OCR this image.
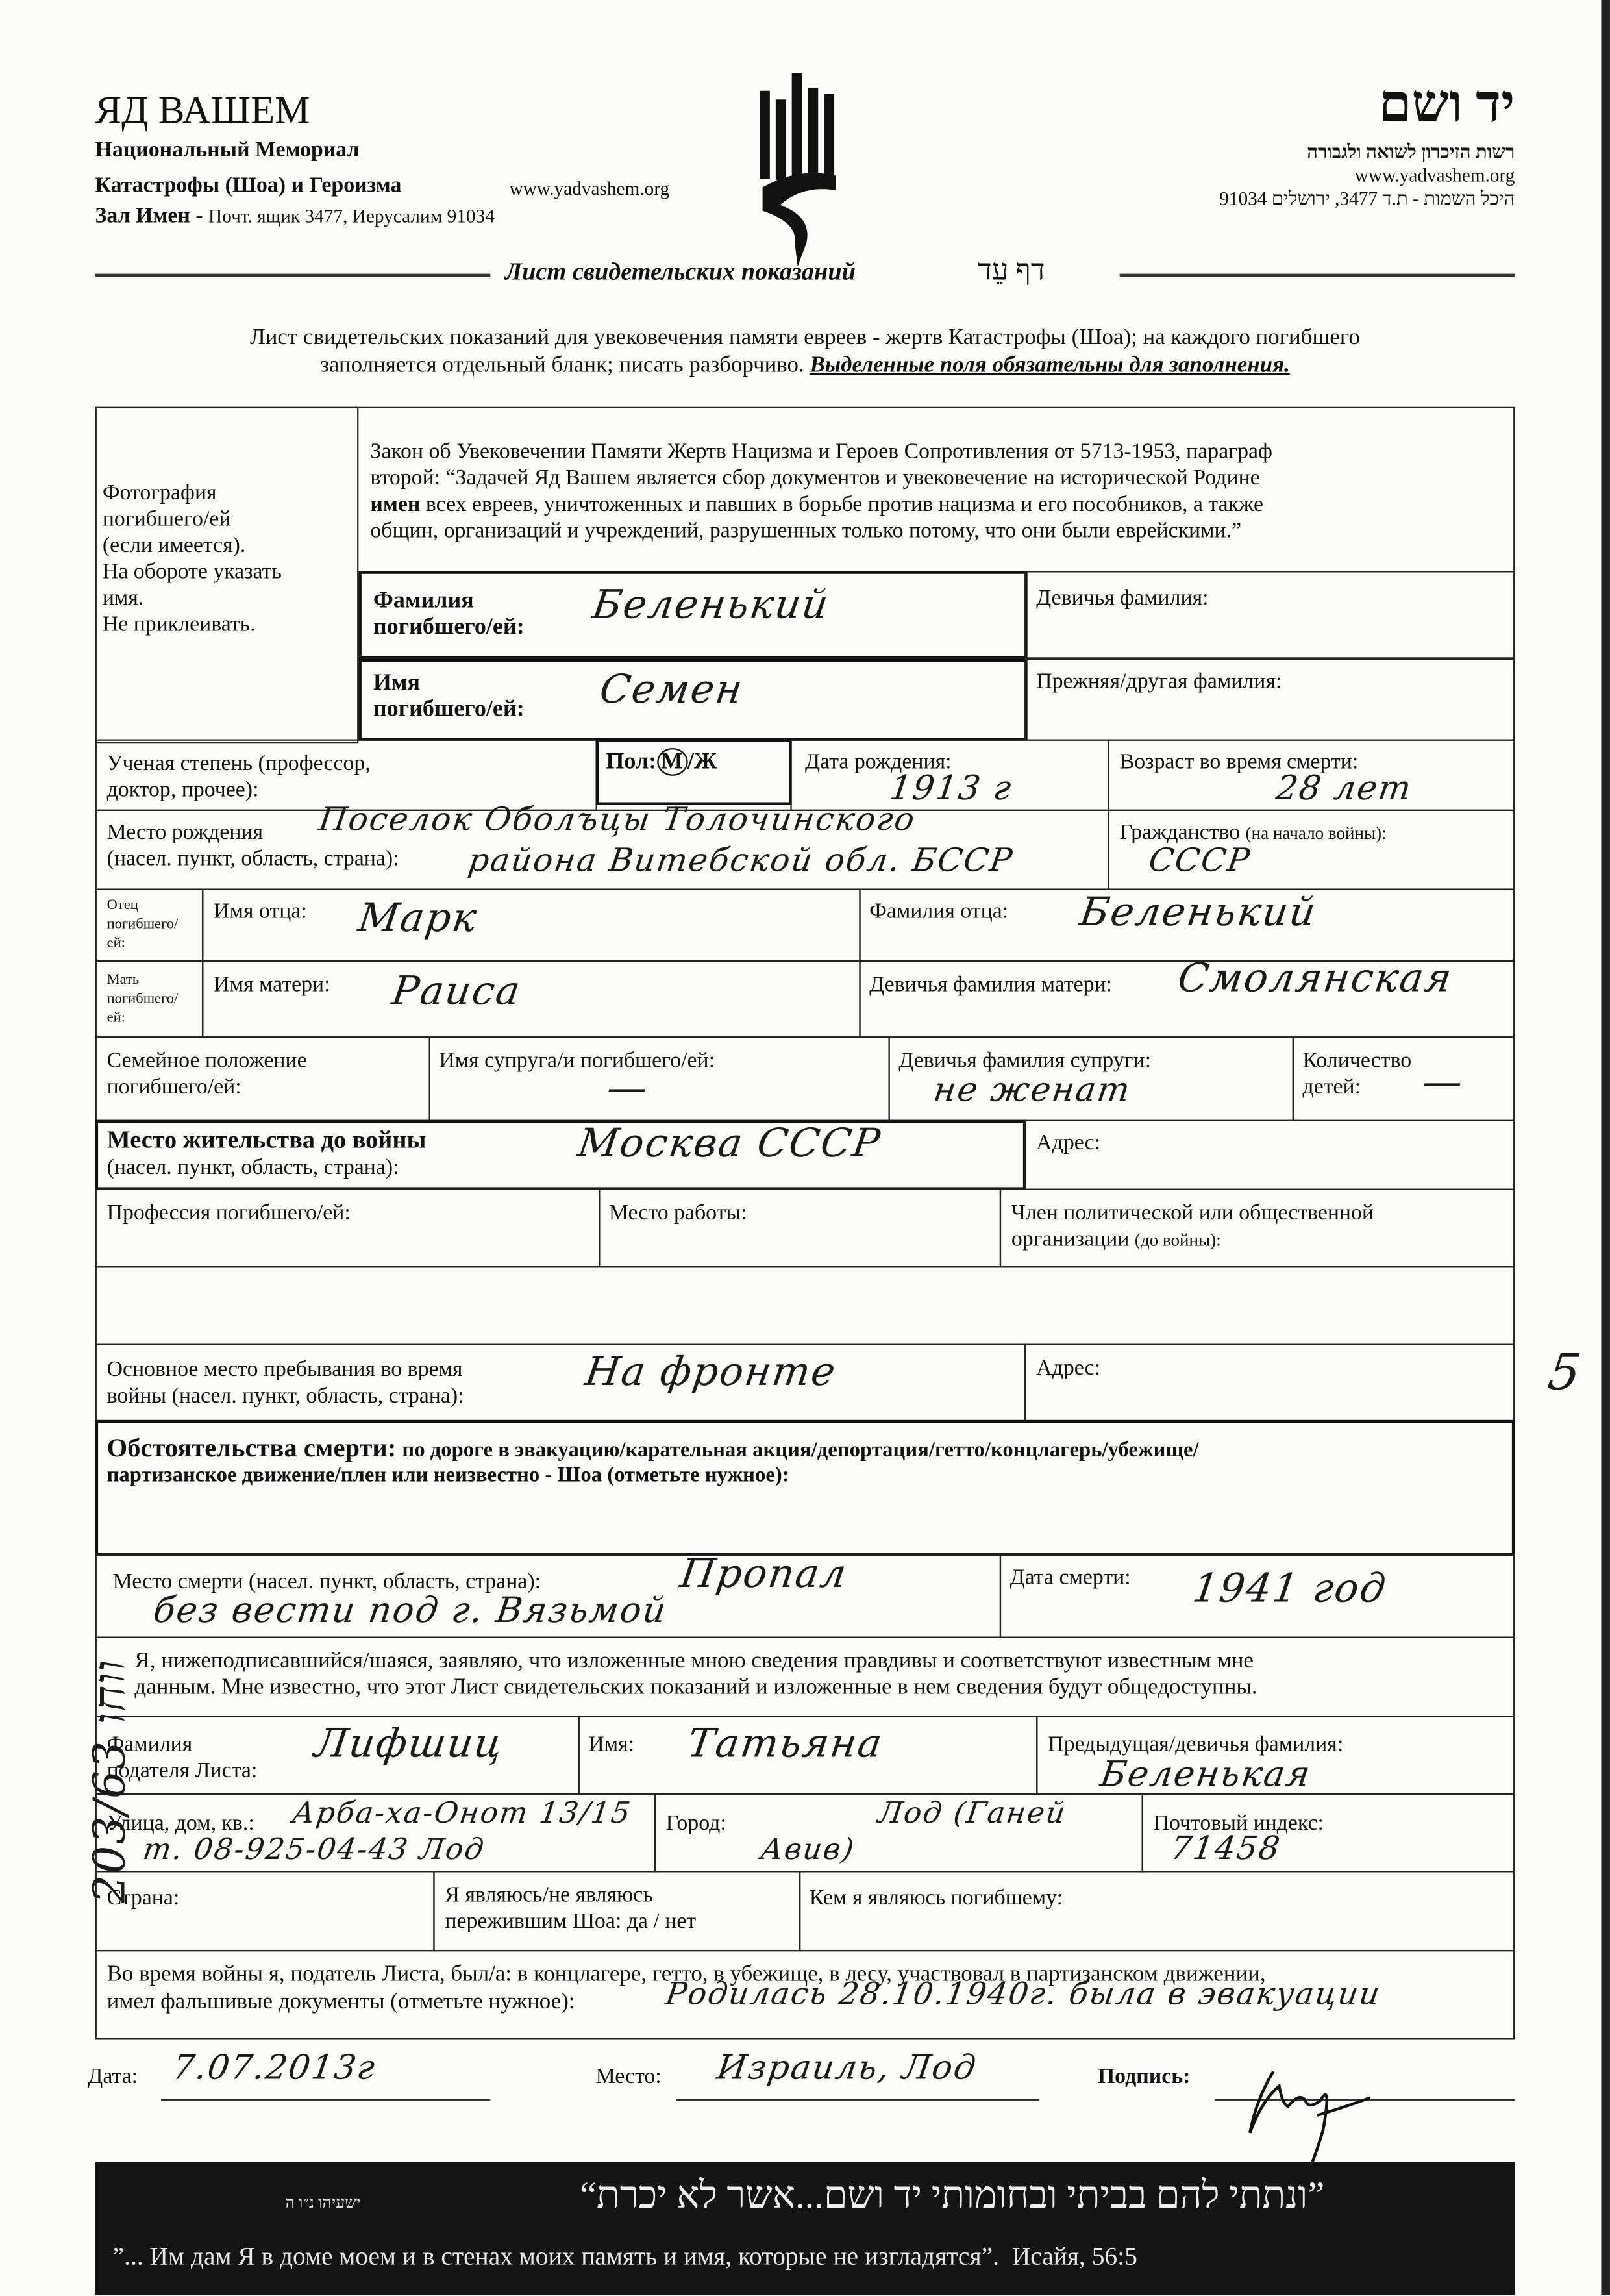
ЯД ВАШЕМ
Национальный Мемориал
Катастрофы (Шоа) и Героизма	www.yadvashem.org
Зал Имен - Почт. ящик 3477, Иерусалим 91034
יד ושם
רשות הזיכרון לשואה ולגבורה
www.yadvashem.org
היכל השמות - ת.ד 3477, ירושלים 91034
Лист свидетельских показаний	דף עֵד
Лист свидетельских показаний для увековечения памяти евреев - жертв Катастрофы (Шоа); на каждого погибшего
заполняется отдельный бланк; писать разборчиво. Выделенные поля обязательны для заполнения.
Фотография
погибшего/ей
(если имеется).
На обороте указать
имя.
Не приклеивать.
Закон об Увековечении Памяти Жертв Нацизма и Героев Сопротивления от 5713-1953, параграф
второй: “Задачей Яд Вашем является сбор документов и увековечение на исторической Родине
имен всех евреев, уничтоженных и павших в борьбе против нацизма и его пособников, а также
общин, организаций и учреждений, разрушенных только потому, что они были еврейскими.”
Фамилия
погибшего/ей:	Беленький	Девичья фамилия:
Имя
погибшего/ей:	Семен	Прежняя/другая фамилия:
Ученая степень (профессор,
доктор, прочее):
Пол: М /Ж	Дата рождения:
1913 г
Возраст во время смерти:
28 лет
Место рождения
(насел. пункт, область, страна):
Поселок Оболъцы Толочинского
района Витебской обл. БССР
Гражданство (на начало войны):
СССР
Отец
погибшего/
ей:
Имя отца:	Марк	Фамилия отца:	Беленький
Мать
погибшего/
ей:
Имя матери:	Раиса	Девичья фамилия матери:	Смолянская
Семейное положение
погибшего/ей:
Имя супруга/и погибшего/ей:
—
Девичья фамилия супруги:
не женат
Количество
детей:	—
Место жительства до войны
(насел. пункт, область, страна):
Москва СССР	Адрес:
Профессия погибшего/ей:	Место работы:	Член политической или общественной
организации (до войны):
Основное место пребывания во время
войны (насел. пункт, область, страна):
На фронте	Адрес:
Обстоятельства смерти: по дороге в эвакуацию/карательная акция/депортация/гетто/концлагерь/убежище/
партизанское движение/плен или неизвестно - Шоа (отметьте нужное):
Место смерти (насел. пункт, область, страна):	Пропал
без вести под г. Вязьмой
Дата смерти:	1941 год
Я, нижеподписавшийся/шаяся, заявляю, что изложенные мною сведения правдивы и соответствуют известным мне
данным. Мне известно, что этот Лист свидетельских показаний и изложенные в нем сведения будут общедоступны.
Фамилия
подателя Листа:
Лифшиц	Имя:	Татьяна	Предыдущая/девичья фамилия:
Беленькая
Улица, дом, кв.:	Арба-ха-Онот 13/15
т. 08-925-04-43 Лод
Город:	Лод (Ганей
Авив)
Почтовый индекс:
71458
Страна:	Я являюсь/не являюсь
пережившим Шоа: да / нет
Кем я являюсь погибшему:
Во время войны я, податель Листа, был/а: в концлагере, гетто, в убежище, в лесу, участвовал в партизанском движении,
имел фальшивые документы (отметьте нужное):	Родилась 28.10.1940г. была в эвакуации
Дата: 7.07.2013г	Место:	Израиль, Лод	Подпись:
”ונתתי להם בביתי ובחומותי יד ושם...אשר לא יכרת“
ישעיהו נ״ו ה
”... Им дам Я в доме моем и в стенах моих память и имя, которые не изгладятся”. Исайя, 56:5
ווחו 203/63
5
